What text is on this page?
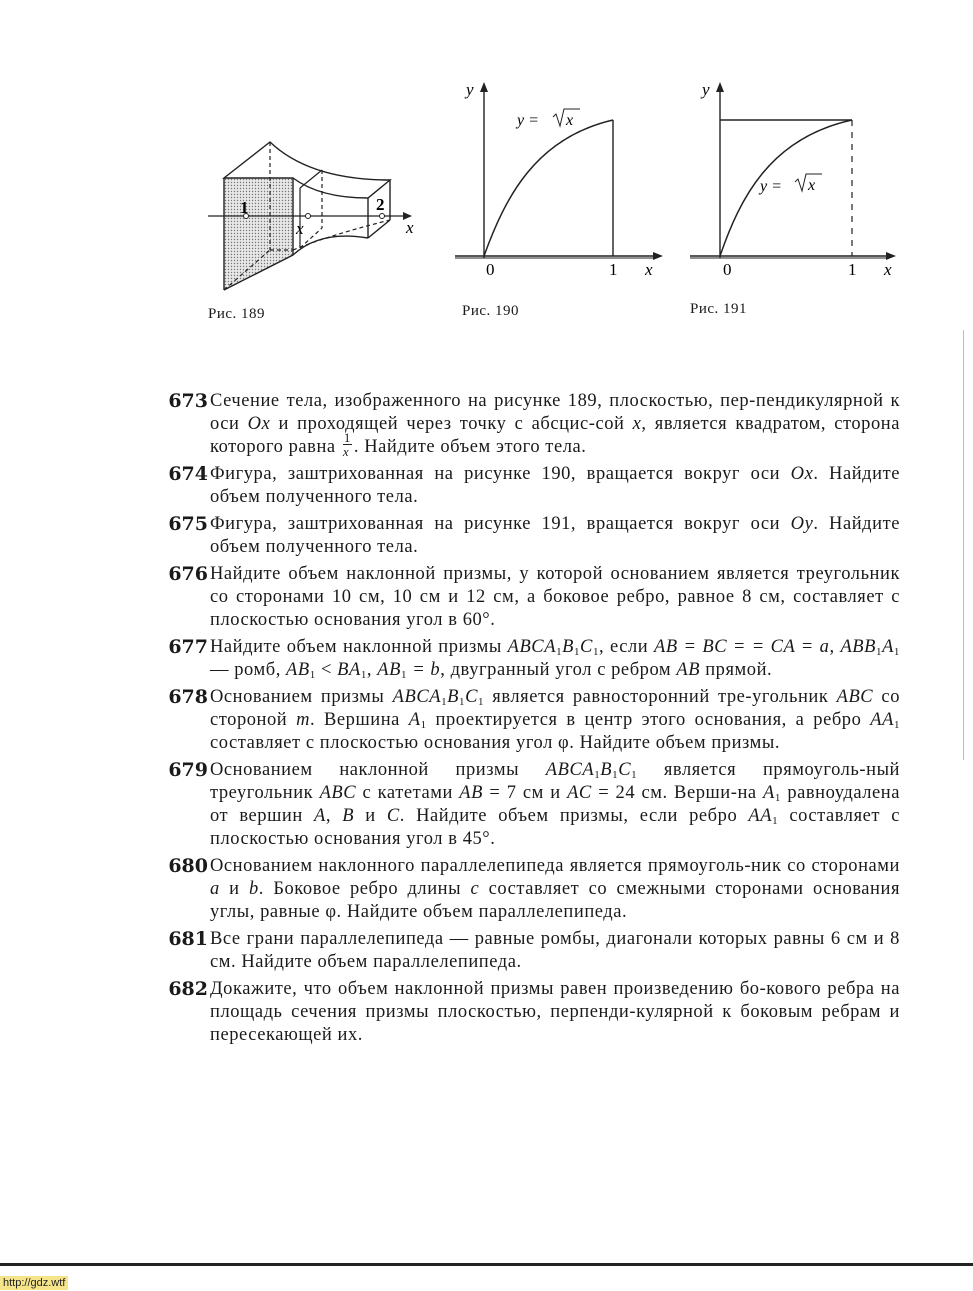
1	2
x	x
Рис. 189
y
0	1 x
y = x
Рис. 190
y
0	1 x
y = x
Рис. 191
673 Сечение тела, изображенного на рисунке 189, плоскостью, пер-пендикулярной к оси Ox и проходящей через точку с абсцис-сой x, является квадратом, сторона которого равна $\frac{1}{x}$ . Найдите объем этого тела.

674 Фигура, заштрихованная на рисунке 190, вращается вокруг оси Ox. Найдите объем полученного тела.

675 Фигура, заштрихованная на рисунке 191, вращается вокруг оси Oy. Найдите объем полученного тела.

676 Найдите объем наклонной призмы, у которой основанием является треугольник со сторонами 10 см, 10 см и 12 см, а боковое ребро, равное 8 см, составляет с плоскостью основания угол в 60°.

677 Найдите объем наклонной призмы $ABCA_1B_1C_1$, если AB = BC = = CA = a, $ABB_1A_1$ — ромб, $AB_1 < BA_1$, $AB_1 = b$, двугранный угол с ребром AB прямой.

678 Основанием призмы $ABCA_1B_1C_1$ является равносторонний тре-угольник ABC со стороной m. Вершина $A_1$ проектируется в центр этого основания, а ребро $AA_1$ составляет с плоскостью основания угол φ. Найдите объем призмы.

679 Основанием наклонной призмы $ABCA_1B_1C_1$ является прямоуголь-ный треугольник ABC с катетами AB = 7 см и AC = 24 см. Верши-на $A_1$ равноудалена от вершин A, B и C. Найдите объем призмы, если ребро $AA_1$ составляет с плоскостью основания угол в 45°.

680 Основанием наклонного параллелепипеда является прямоуголь-ник со сторонами a и b. Боковое ребро длины c составляет со смежными сторонами основания углы, равные φ. Найдите объем параллелепипеда.

681 Все грани параллелепипеда — равные ромбы, диагонали которых равны 6 см и 8 см. Найдите объем параллелепипеда.

682 Докажите, что объем наклонной призмы равен произведению бо-кового ребра на площадь сечения призмы плоскостью, перпенди-кулярной к боковым ребрам и пересекающей их.

http://gdz.wtf
